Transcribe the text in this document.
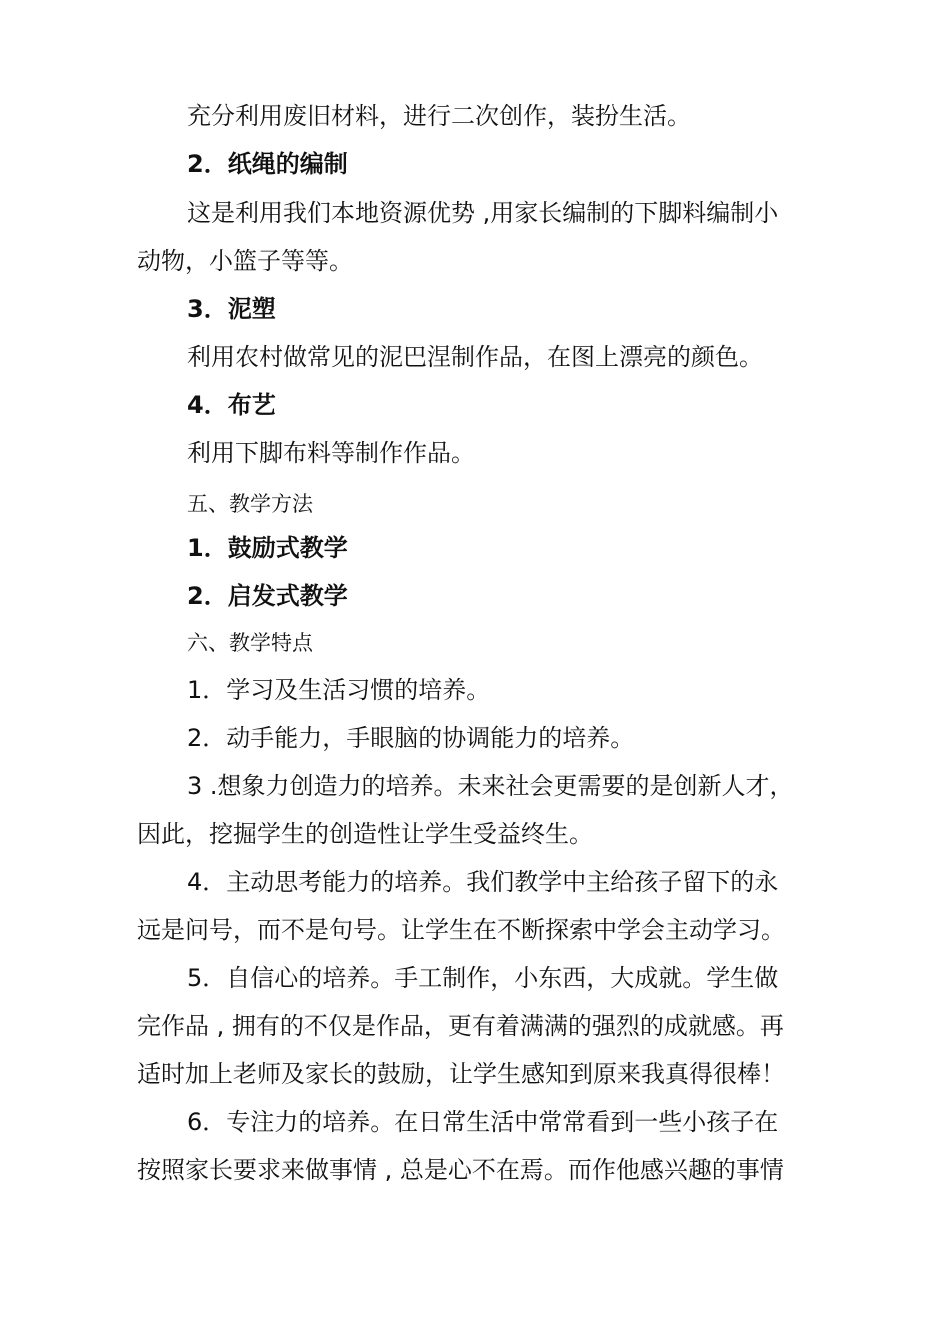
充分利用废旧材料，进行二次创作，装扮生活。
2．纸绳的编制
这是利用我们本地资源优势 ,用家长编制的下脚料编制小
动物，小篮子等等。
3．泥塑
利用农村做常见的泥巴涅制作品，在图上漂亮的颜色。
4．布艺
利用下脚布料等制作作品。
五、教学方法
1．鼓励式教学
2．启发式教学
六、教学特点
1．学习及生活习惯的培养。
2．动手能力，手眼脑的协调能力的培养。
3 .想象力创造力的培养。未来社会更需要的是创新人才，
因此，挖掘学生的创造性让学生受益终生。
4．主动思考能力的培养。我们教学中主给孩子留下的永
远是问号，而不是句号。让学生在不断探索中学会主动学习。
5．自信心的培养。手工制作，小东西，大成就。学生做
完作品 , 拥有的不仅是作品，更有着满满的强烈的成就感。再
适时加上老师及家长的鼓励，让学生感知到原来我真得很棒！
6．专注力的培养。在日常生活中常常看到一些小孩子在
按照家长要求来做事情 , 总是心不在焉。而作他感兴趣的事情
